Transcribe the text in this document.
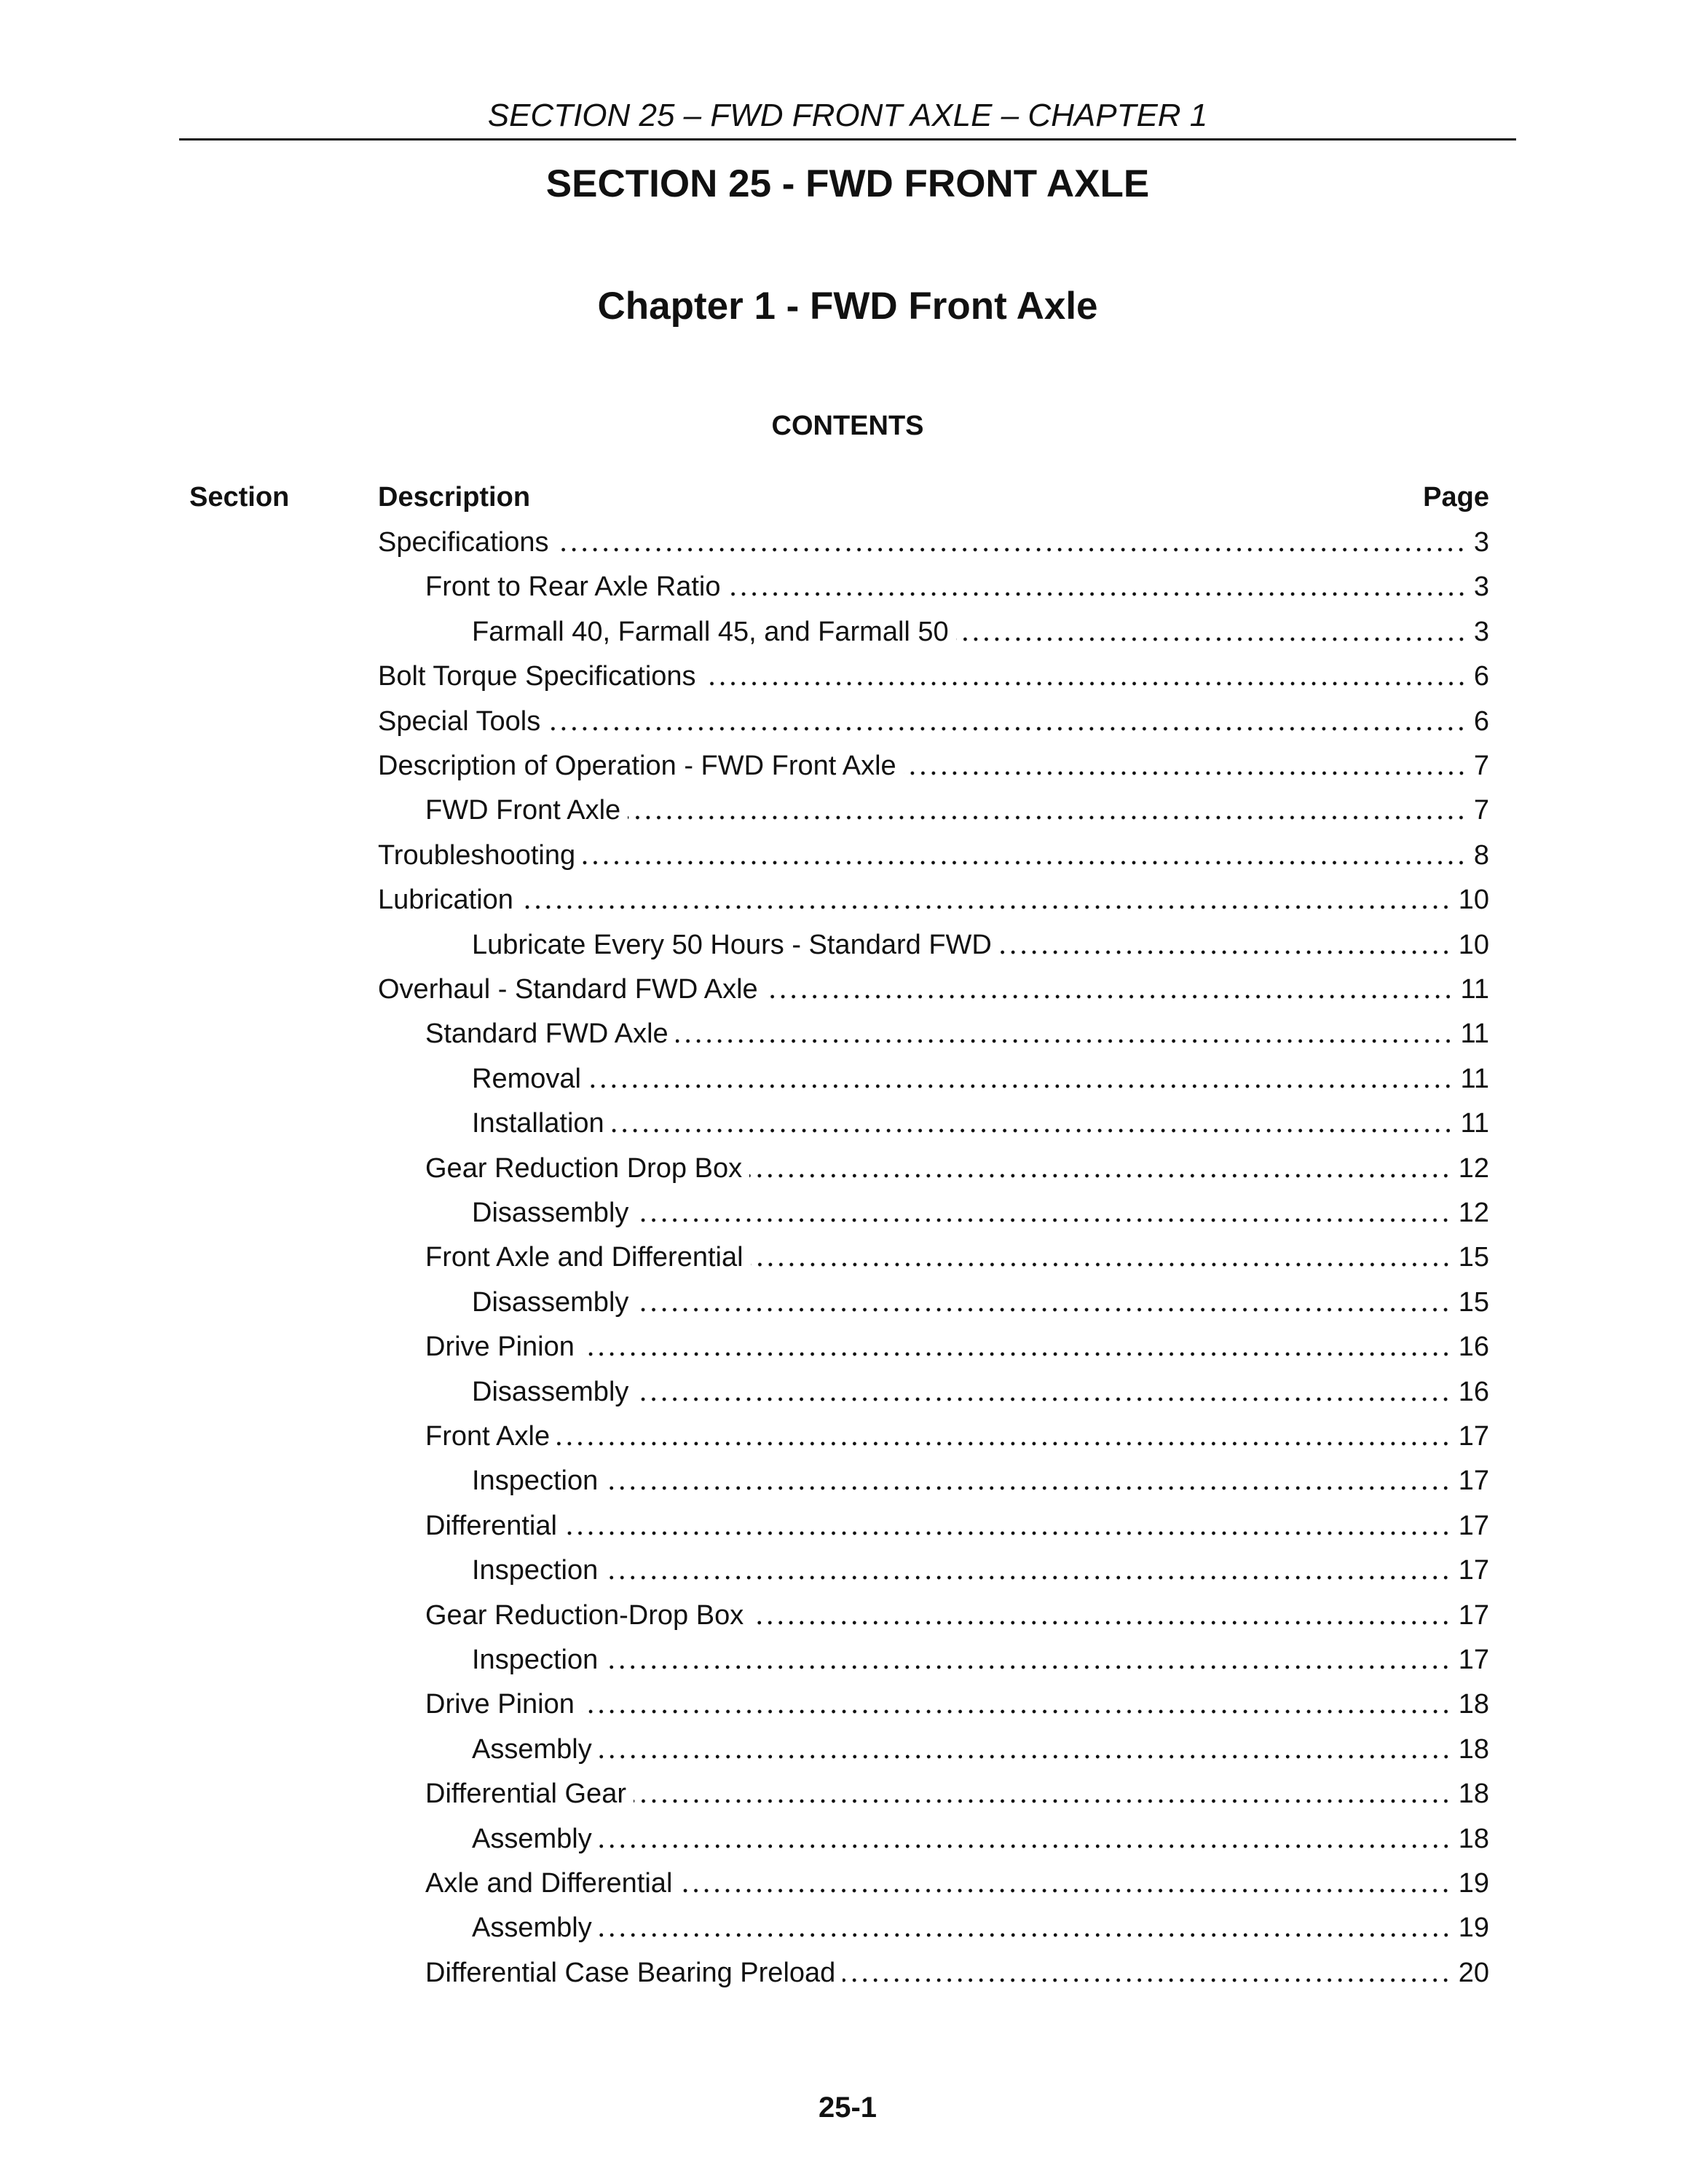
SECTION 25 – FWD FRONT AXLE – CHAPTER 1
SECTION 25 - FWD FRONT AXLE
Chapter 1 - FWD Front Axle
CONTENTS
Section	Description	Page
Specifications	3
Front to Rear Axle Ratio	3
Farmall 40, Farmall 45, and Farmall 50	3
Bolt Torque Specifications	6
Special Tools	6
Description of Operation - FWD Front Axle	7
FWD Front Axle	7
Troubleshooting	8
Lubrication	10
Lubricate Every 50 Hours - Standard FWD	10
Overhaul - Standard FWD Axle	11
Standard FWD Axle	11
Removal	11
Installation	11
Gear Reduction Drop Box	12
Disassembly	12
Front Axle and Differential	15
Disassembly	15
Drive Pinion	16
Disassembly	16
Front Axle	17
Inspection	17
Differential	17
Inspection	17
Gear Reduction-Drop Box	17
Inspection	17
Drive Pinion	18
Assembly	18
Differential Gear	18
Assembly	18
Axle and Differential	19
Assembly	19
Differential Case Bearing Preload	20
25-1
